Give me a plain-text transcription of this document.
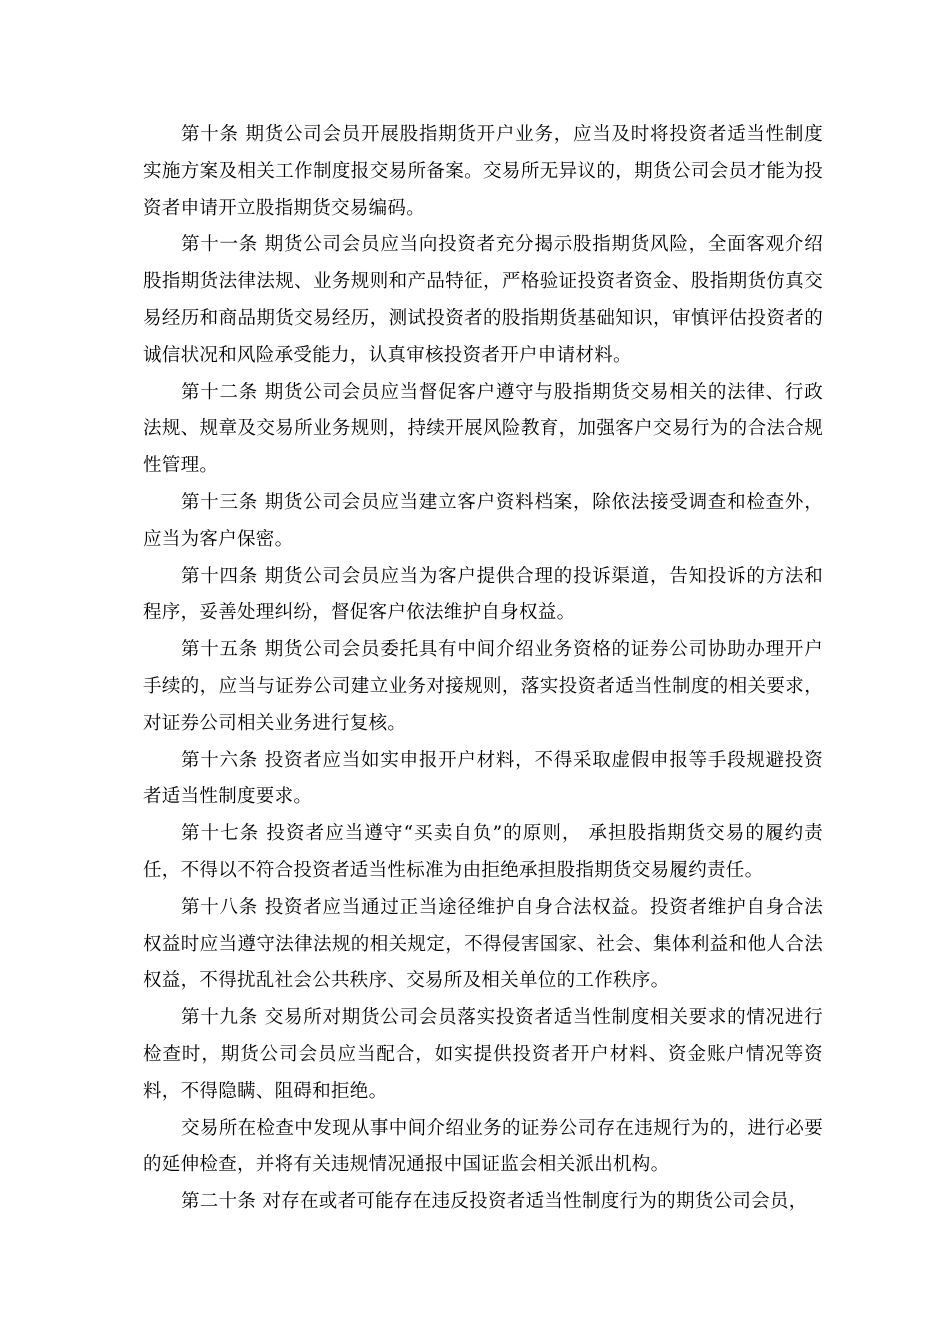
第十条 期货公司会员开展股指期货开户业务，应当及时将投资者适当性制度实施方案及相关工作制度报交易所备案。交易所无异议的，期货公司会员才能为投资者申请开立股指期货交易编码。

第十一条 期货公司会员应当向投资者充分揭示股指期货风险，全面客观介绍股指期货法律法规、业务规则和产品特征，严格验证投资者资金、股指期货仿真交易经历和商品期货交易经历，测试投资者的股指期货基础知识，审慎评估投资者的诚信状况和风险承受能力，认真审核投资者开户申请材料。

第十二条 期货公司会员应当督促客户遵守与股指期货交易相关的法律、行政法规、规章及交易所业务规则，持续开展风险教育，加强客户交易行为的合法合规性管理。

第十三条 期货公司会员应当建立客户资料档案，除依法接受调查和检查外，应当为客户保密。

第十四条 期货公司会员应当为客户提供合理的投诉渠道，告知投诉的方法和程序，妥善处理纠纷，督促客户依法维护自身权益。

第十五条 期货公司会员委托具有中间介绍业务资格的证券公司协助办理开户手续的，应当与证券公司建立业务对接规则，落实投资者适当性制度的相关要求，对证券公司相关业务进行复核。

第十六条 投资者应当如实申报开户材料，不得采取虚假申报等手段规避投资者适当性制度要求。

第十七条 投资者应当遵守“买卖自负”的原则， 承担股指期货交易的履约责任，不得以不符合投资者适当性标准为由拒绝承担股指期货交易履约责任。

第十八条 投资者应当通过正当途径维护自身合法权益。投资者维护自身合法权益时应当遵守法律法规的相关规定，不得侵害国家、社会、集体利益和他人合法权益，不得扰乱社会公共秩序、交易所及相关单位的工作秩序。

第十九条 交易所对期货公司会员落实投资者适当性制度相关要求的情况进行检查时，期货公司会员应当配合，如实提供投资者开户材料、资金账户情况等资料，不得隐瞒、阻碍和拒绝。

交易所在检查中发现从事中间介绍业务的证券公司存在违规行为的，进行必要的延伸检查，并将有关违规情况通报中国证监会相关派出机构。

第二十条 对存在或者可能存在违反投资者适当性制度行为的期货公司会员，
